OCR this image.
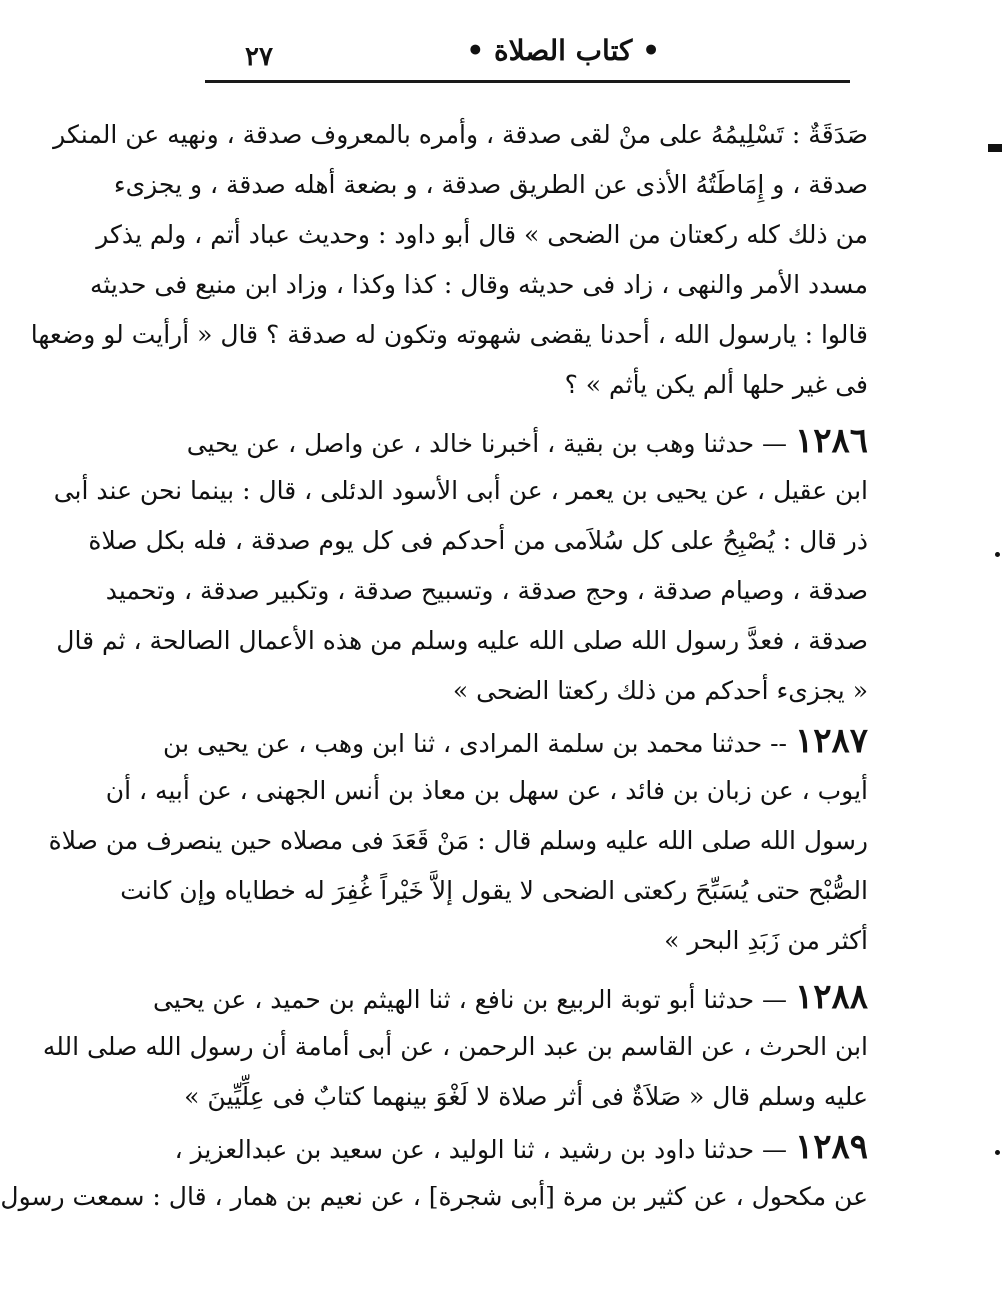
• كتاب الصلاة •
٢٧
صَدَقَةٌ : تَسْلِيمُهُ على منْ لقى صدقة ، وأمره بالمعروف صدقة ، ونهيه عن المنكر
صدقة ، و إِمَاطَتُهُ الأذى عن الطريق صدقة ، و بضعة أهله صدقة ، و يجزىء
من ذلك كله ركعتان من الضحى » قال أبو داود : وحديث عباد أتم ، ولم يذكر
مسدد الأمر والنهى ، زاد فى حديثه وقال : كذا وكذا ، وزاد ابن منيع فى حديثه
قالوا : يارسول الله ، أحدنا يقضى شهوته وتكون له صدقة ؟ قال « أرأيت لو وضعها
فى غير حلها ألم يكن يأثم » ؟
١٢٨٦ — حدثنا وهب بن بقية ، أخبرنا خالد ، عن واصل ، عن يحيى
ابن عقيل ، عن يحيى بن يعمر ، عن أبى الأسود الدئلى ، قال : بينما نحن عند أبى
ذر قال : يُصْبِحُ على كل سُلاَمى من أحدكم فى كل يوم صدقة ، فله بكل صلاة
صدقة ، وصيام صدقة ، وحج صدقة ، وتسبيح صدقة ، وتكبير صدقة ، وتحميد
صدقة ، فعدَّ رسول الله صلى الله عليه وسلم من هذه الأعمال الصالحة ، ثم قال
« يجزىء أحدكم من ذلك ركعتا الضحى »
١٢٨٧ -- حدثنا محمد بن سلمة المرادى ، ثنا ابن وهب ، عن يحيى بن
أيوب ، عن زبان بن فائد ، عن سهل بن معاذ بن أنس الجهنى ، عن أبيه ، أن
رسول الله صلى الله عليه وسلم قال : مَنْ قَعَدَ فى مصلاه حين ينصرف من صلاة
الصُّبْح حتى يُسَبِّحَ ركعتى الضحى لا يقول إلاَّ خَيْراً غُفِرَ له خطاياه وإن كانت
أكثر من زَبَدِ البحر »
١٢٨٨ — حدثنا أبو توبة الربيع بن نافع ، ثنا الهيثم بن حميد ، عن يحيى
ابن الحرث ، عن القاسم بن عبد الرحمن ، عن أبى أمامة أن رسول الله صلى الله
عليه وسلم قال « صَلاَةٌ فى أثر صلاة لا لَغْوَ بينهما كتابٌ فى عِلِّيِّينَ »
١٢٨٩ — حدثنا داود بن رشيد ، ثنا الوليد ، عن سعيد بن عبدالعزيز ،
عن مكحول ، عن كثير بن مرة [أبى شجرة] ، عن نعيم بن همار ، قال : سمعت رسول
